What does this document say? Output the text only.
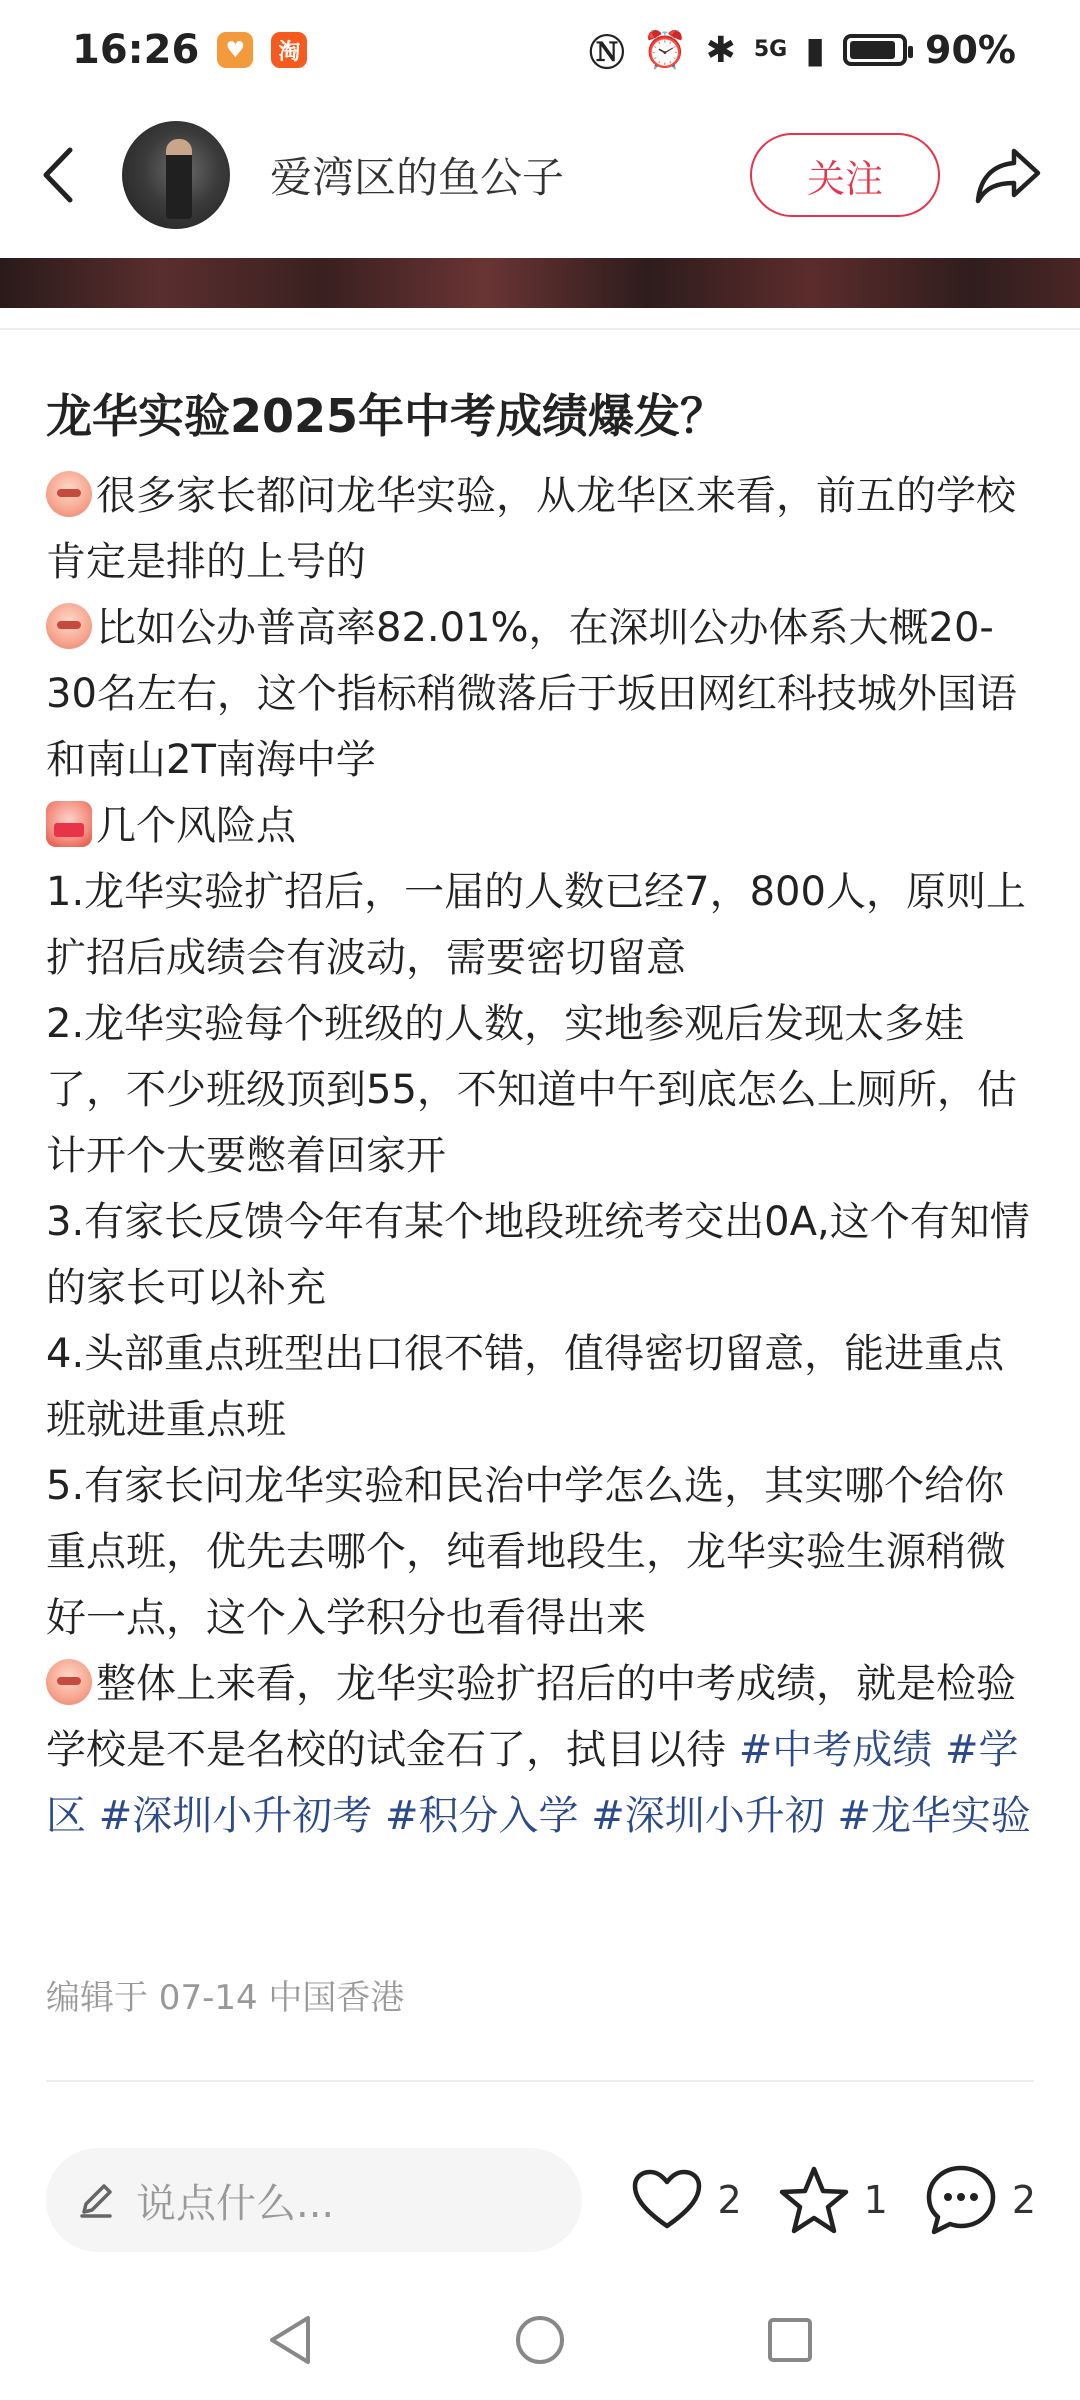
16:26	♥	淘	Ⓝ ⏰ ✱ 5G ▮	90%
爱湾区的鱼公子	关注
龙华实验2025年中考成绩爆发？
很多家长都问龙华实验，从龙华区来看，前五的学校肯定是排的上号的
比如公办普高率82.01%，在深圳公办体系大概20-30名左右，这个指标稍微落后于坂田网红科技城外国语和南山2T南海中学
几个风险点
1.龙华实验扩招后，一届的人数已经7，800人，原则上扩招后成绩会有波动，需要密切留意
2.龙华实验每个班级的人数，实地参观后发现太多娃了，不少班级顶到55，不知道中午到底怎么上厕所，估计开个大要憋着回家开
3.有家长反馈今年有某个地段班统考交出0A,这个有知情的家长可以补充
4.头部重点班型出口很不错，值得密切留意，能进重点班就进重点班
5.有家长问龙华实验和民治中学怎么选，其实哪个给你重点班，优先去哪个，纯看地段生，龙华实验生源稍微好一点，这个入学积分也看得出来
整体上来看，龙华实验扩招后的中考成绩，就是检验学校是不是名校的试金石了，拭目以待 #中考成绩 #学区 #深圳小升初考 #积分入学 #深圳小升初 #龙华实验
编辑于 07-14 中国香港
说点什么...	2	1	2
